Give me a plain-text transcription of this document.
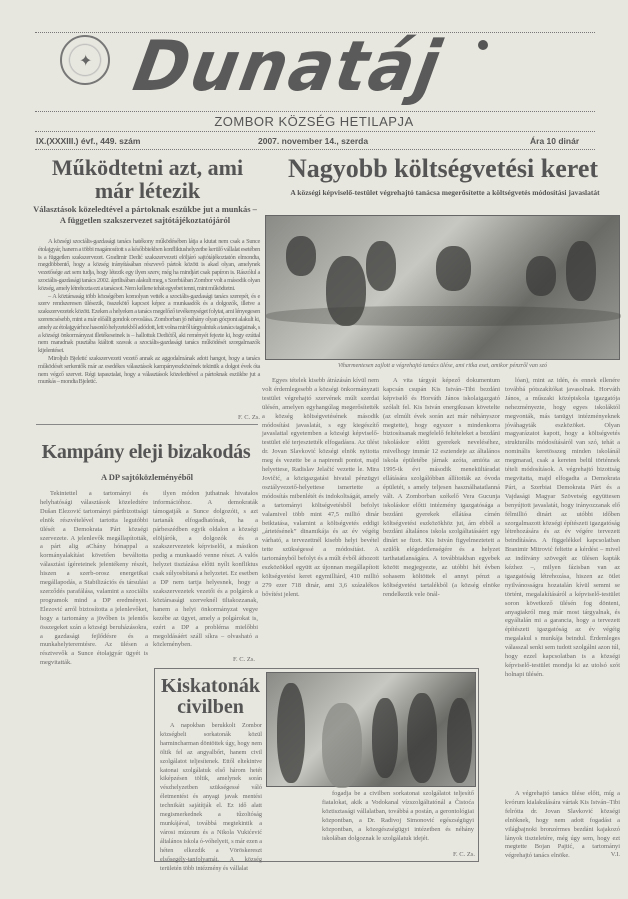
✦ Dunatáj
ZOMBOR KÖZSÉG HETILAPJA
IX.(XXXIII.) évf., 449. szám	2007. november 14., szerda	Ára 10 dinár
Működtetni azt, ami már létezik
Választások közeledtével a pártoknak eszükbe jut a munkás – A független szakszervezet sajtótájékoztatójáról

A községi szociális-gazdasági tanács hatékony működésében látja a kiutat nem csak a Sunce étolajgyár, hanem a többi magánosított s a későbbiekben konfliktushelyzetbe kerülő vállalat esetében is a független szakszervezet. Gradimir Dedić szakszervezeti elöljáró sajtótájékoztatón elmondta, megdöbbentő, hogy a község irányításában részvevő pártok között is akad olyan, amelynek vezetősége azt sem tudja, hogy létezik egy ilyen szerv, még ha mindjárt csak papíron is. Rászólul a szociális-gazdasági tanács 2002. áprilisában alakult meg, s Szerbiában Zombor volt a második olyan község, amely létrehozta ezt a tanácsot. Nem kellene tehát egyebet tenni, mint működtetni.

– A köztársaság több községében komolyan vették a szociális-gazdasági tanács szerepét, és e szerv rendszeresen ülésezik, összekötő kapcsot képez a munkaadók és a dolgozók, illetve a szakszervezetek között. Ezeken a helyeken a tanács megelőző tevékenységet folytat, ami lényegesen szerencsésebb, mint a már előállt gondok orvoslása. Zomborban jó néhány olyan gócpont alakult ki, amely az étolajgyárhoz hasonló helyzetekből adódott, lett volna miről tárgyalniuk a tanács tagjainak, s a községi önkormányzat illetékeseinek is – hallottuk Dedićtől, aki reményét fejezte ki, hogy ezúttal nem maradnak pusztába kiáltott szavak a szociális-gazdasági tanács működését szorgalmazók kijelentései.

Miroljub Bjeletić szakszervezeti vezető annak az aggodalmának adott hangot, hogy a tanács működését serkentők már az esedékes választások kampányeszközének tekintik a dolgot évek óta nem végző szervet. Régi tapasztalat, hogy a választások közeledtével a pártoknak eszükbe jut a munkás – mondta Bjeletić.

F. C. Zs.
Kampány eleji bizakodás
A DP sajtóközleményéből

Tekintettel a tartományi és helyhatósági választások közeledtére Dušan Elezović tartományi pártbizottsági elnök részvételével tartotta legutóbbi ülését a Demokrata Párt községi szervezete. A jelenlevők megállapították, a párt alig aChány hónappal a kormányalakítást követően beváltotta választási ígéreteinek jelentékeny részét, hiszen a szerb-orosz energetikai megállapodás, a Stabilizációs és társulási szerződés parafálása, valamint a szociális programok mind a DP eredményei. Elezović arról biztosította a jelenlevőket, hogy a tartomány a jövőben is jelentős összegeket szán a községi beruházásokra, a gazdasági fejlődésre és a munkahelyteremtésre. Az ülésen a résztvevők a Sunce étolajgyár ügyét is megvitatták.

ilyen módon juthatnak hivatalos információhoz. A demokraták támogatják a Sunce dolgozóit, s azt tartanák elfogadhatónak, ha a párbeszédben egyik oldalon a községi elöljárók, a dolgozók és a szakszervezetek képviselői, a másikon pedig a munkaadó venne részt. A valós helyzet tisztázása előtti nyílt konfliktus csak súlyosbítaná a helyzetet. Ez esetben a DP nem tartja helyesnek, hogy a szakszervezetek vezetői és a polgárok a köztársasági szerveknél tiltakozzanak, hanem a helyi önkormányzat vegye kezébe az ügyet, amely a polgárokat is, ezért a DP a probléma mielőbbi megoldásáért száll síkra – olvasható a közleményben.

F. C. Zs.
Nagyobb költségvetési keret
A községi képviselő-testület végrehajtó tanácsa megerősítette a költségvetés módosítási javaslatát
Viharmentesen zajlott a végrehajtó tanács ülése, ami ritka eset, amikor pénzről van szó

Egyes tételek kisebb átrázásán kívül nem volt érdemlegesebb a községi önkormányzati testület végrehajtó szervének múlt szerdai ülésén, amelyen egyhangúlag megerősítették a község költségvetésének második módosítási javaslatát, s egy kiegészítő javaslattal egyetemben a községi képviselő-testület elé terjesztették elfogadásra. Az ülést dr. Jovan Slavković községi elnök nyitotta meg és vezette be a napirendi pontot, majd helyettese, Radislav Jelačić vezette le. Mira Jovičić, a közigazgatási hivatal pénzügyi osztályvezető-helyettese ismertette a módosítás mibenlétét és indokoltságát, amely a tartományi költségvetésből befolyt valamivel több mint 47,5 millió dinár beiktatása, valamint a költségvetés eddigi „ártetésének” dinamikája és az év végéig várható, a tervezettnél kisebb helyi bevétel tette szükségessé a módosítást. A tartományból befolyt és a múlt évből áthozott eszközökkel együtt az újonnan megállapított költségvetési keret egymilliárd, 410 millió 279 ezer 718 dinár, ami 3,6 százalékos bővítést jelent.

A vita tárgyát képező dokumentum kapcsán csupán Kis István–Tibi bezdáni képviselő és Horváth János iskolaigazgató szólalt fel. Kis István energikusan követelte (az elmúlt évek során azt már néhányszor megtette), hogy egyszer s mindenkorra biztosítsanak megfelelő feltételeket a bezdáni iskoláskor előtti gyerekek neveléséhez, mivelhogy immár 12 esztendeje az általános iskola épületébe járnak azóta, amióta az 1995-ik évi második menekültáradat ellátására szolgálóbban állították az óvoda épületét, s amely teljesen használhatatlanná vált. A Zomborban székelő Vera Gucunja iskoláskor előtti intézmény igazgatósága a bezdáni gyerekek ellátása címén költségvetési eszközökhöz jut, ám ebből a bezdáni általános iskola szolgáltatásáért egy dinárt se fizet. Kis István figyelmeztetett a szülők elégedetlenségére és a helyzet tarthatatlanságára. A továbbiakban egyebek között megjegyezte, az utóbbi hét évben sohasem költöttek el annyi pénzt a költségvetési tartalékból (a község elnöke rendelkezik vele önál-

lóan), mint az idén, és ennek ellenére továbbá pótszakítókat javasolnak. Horváth János, a műszaki középiskola igazgatója nehezményezte, hogy egyes iskoláktól megvonták, más tanügyi intézményeknek jóváhagyták eszközöket. Olyan magyarázatot kapott, hogy a költségvetés strukturális módosításáról van szó, tehát a nominális keretösszeg minden iskolánál megmarad, csak a kereten belül történnek tételi módosítások. A végrehajtó bizottság megvitatta, majd elfogadta a Demokrata Párt, a Szerbiai Demokrata Párt és a Vajdasági Magyar Szövetség együttesen benyújtott javaslatát, hogy irányozzanak elő félmillió dinárt az utóbbi időben szorgalmazott községi építészeti igazgatóság létrehozására és az év végére tervezett beindítására. A függelékkel kapcsolatban Branimir Mitrović feltette a kérdést – mivel az indítvány szövegét az ülésen kapták kézhez –, milyen fázisban van az igazgatóság létrehozása, hiszen az ötlet nyilvánosságra hozatalán kívül semmi se történt, megalakításáról a képviselő-testület soron következő ülésén fog dönteni, anyagiakról meg már most tárgyalnak, és egyáltalán mi a garancia, hogy a tervezett építészeti igazgatóság az év végéig megalakul s munkája beindul. Érdemleges válasszal senki sem tudott szolgálni azon túl, hogy ezzel kapcsolatban is a községi képviselő-testület mondja ki az utolsó szót holnapi ülésén.

A végrehajtó tanács ülése előtt, míg a kvórum kialakulására vártak Kis István–Tibi felrótta dr. Jovan Slavković községi elnöknek, hogy nem adott fogadást a világbajnoki bronzérmes bezdáni kajakozó lányok tiszteletére, még úgy sem, hogy ezt megtette Bojan Pajtić, a tartományi végrehajtó tanács elnöke.	V.I.
Kiskatonák civilben

A napokban berukkolt Zombor községbeli sorkatonák közül harmincharman döntöttek úgy, hogy nem öltik fel az angyalbőrt, hanem civil szolgálatot teljesítenek. Ettől eltekintve katonai szolgálatuk első három hetét kiképzésen töltik, amelynek során vészhelyzetben szükségessé váló életmentést és anyagi javak mentési technikáit sajátítják el. Ez idő alatt megismerkednek a tűzoltóság munkájával, továbbá megtekintik a városi múzeum és a Nikola Vukićević általános iskola ó-vóhelyeit, s már ezen a héten elkezdik a Vöröskereszt elsősegély-tanfolyamát. A község területén több intézmény és vállalat

fogadja be a civilben sorkatonai szolgálatot teljesítő fiatalokat, akik a Vodokanal vízszolgáltatónál a Čistoća köztisztasági vállalatban, továbbá a postán, a gerontológiai központban, a Dr. Radivoj Simonović egészségügyi központban, a közegészségügyi intézetben és néhány iskolában dolgoznak le szolgálatuk idejét.

F. C. Zs.
